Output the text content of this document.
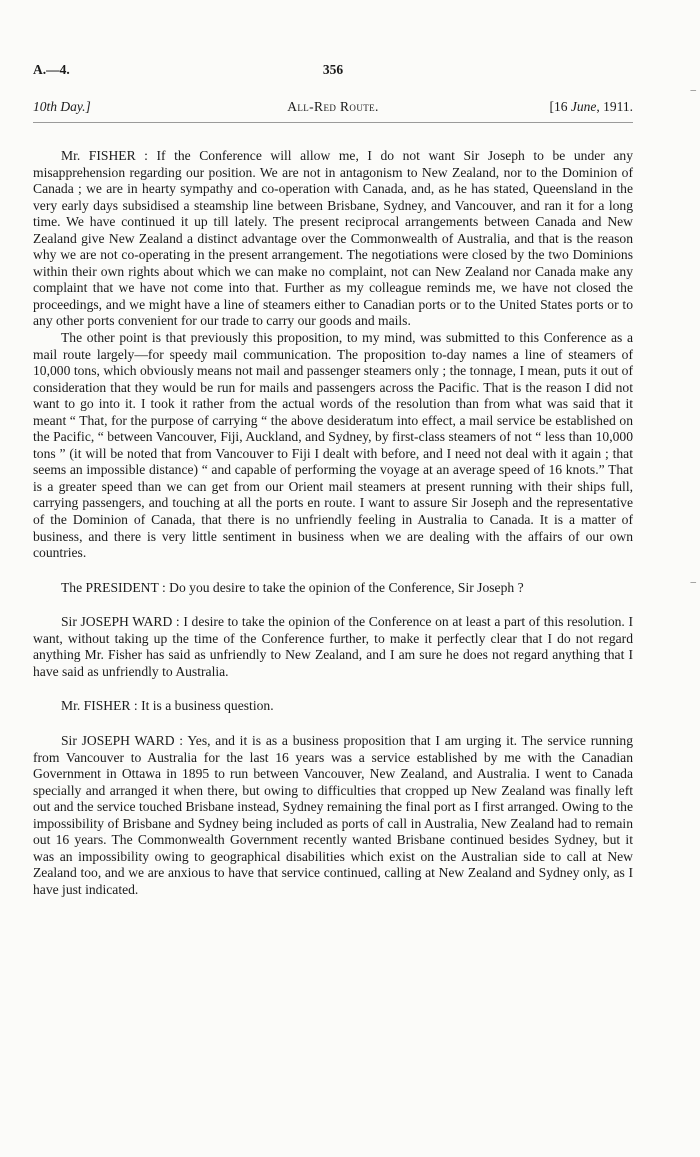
A.—4.	356
10th Day.]	All-Red Route.	[16 June, 1911.

Mr. FISHER : If the Conference will allow me, I do not want Sir Joseph to be under any misapprehension regarding our position. We are not in antagonism to New Zealand, nor to the Dominion of Canada ; we are in hearty sympathy and co-operation with Canada, and, as he has stated, Queensland in the very early days subsidised a steamship line between Brisbane, Sydney, and Vancouver, and ran it for a long time. We have continued it up till lately. The present reciprocal arrangements between Canada and New Zealand give New Zealand a distinct advantage over the Commonwealth of Australia, and that is the reason why we are not co-operating in the present arrangement. The negotiations were closed by the two Dominions within their own rights about which we can make no complaint, not can New Zealand nor Canada make any complaint that we have not come into that. Further as my colleague reminds me, we have not closed the proceedings, and we might have a line of steamers either to Canadian ports or to the United States ports or to any other ports convenient for our trade to carry our goods and mails.

The other point is that previously this proposition, to my mind, was submitted to this Conference as a mail route largely—for speedy mail communication. The proposition to-day names a line of steamers of 10,000 tons, which obviously means not mail and passenger steamers only ; the tonnage, I mean, puts it out of consideration that they would be run for mails and passengers across the Pacific. That is the reason I did not want to go into it. I took it rather from the actual words of the resolution than from what was said that it meant “ That, for the purpose of carrying “ the above desideratum into effect, a mail service be established on the Pacific, “ between Vancouver, Fiji, Auckland, and Sydney, by first-class steamers of not “ less than 10,000 tons ” (it will be noted that from Vancouver to Fiji I dealt with before, and I need not deal with it again ; that seems an impossible distance) “ and capable of performing the voyage at an average speed of 16 knots.” That is a greater speed than we can get from our Orient mail steamers at present running with their ships full, carrying passengers, and touching at all the ports en route. I want to assure Sir Joseph and the representative of the Dominion of Canada, that there is no unfriendly feeling in Australia to Canada. It is a matter of business, and there is very little sentiment in business when we are dealing with the affairs of our own countries.

The PRESIDENT : Do you desire to take the opinion of the Conference, Sir Joseph ?

Sir JOSEPH WARD : I desire to take the opinion of the Conference on at least a part of this resolution. I want, without taking up the time of the Conference further, to make it perfectly clear that I do not regard anything Mr. Fisher has said as unfriendly to New Zealand, and I am sure he does not regard anything that I have said as unfriendly to Australia.

Mr. FISHER : It is a business question.

Sir JOSEPH WARD : Yes, and it is as a business proposition that I am urging it. The service running from Vancouver to Australia for the last 16 years was a service established by me with the Canadian Government in Ottawa in 1895 to run between Vancouver, New Zealand, and Australia. I went to Canada specially and arranged it when there, but owing to difficulties that cropped up New Zealand was finally left out and the service touched Brisbane instead, Sydney remaining the final port as I first arranged. Owing to the impossibility of Brisbane and Sydney being included as ports of call in Australia, New Zealand had to remain out 16 years. The Commonwealth Government recently wanted Brisbane continued besides Sydney, but it was an impossibility owing to geographical disabilities which exist on the Australian side to call at New Zealand too, and we are anxious to have that service continued, calling at New Zealand and Sydney only, as I have just indicated.

–
–
